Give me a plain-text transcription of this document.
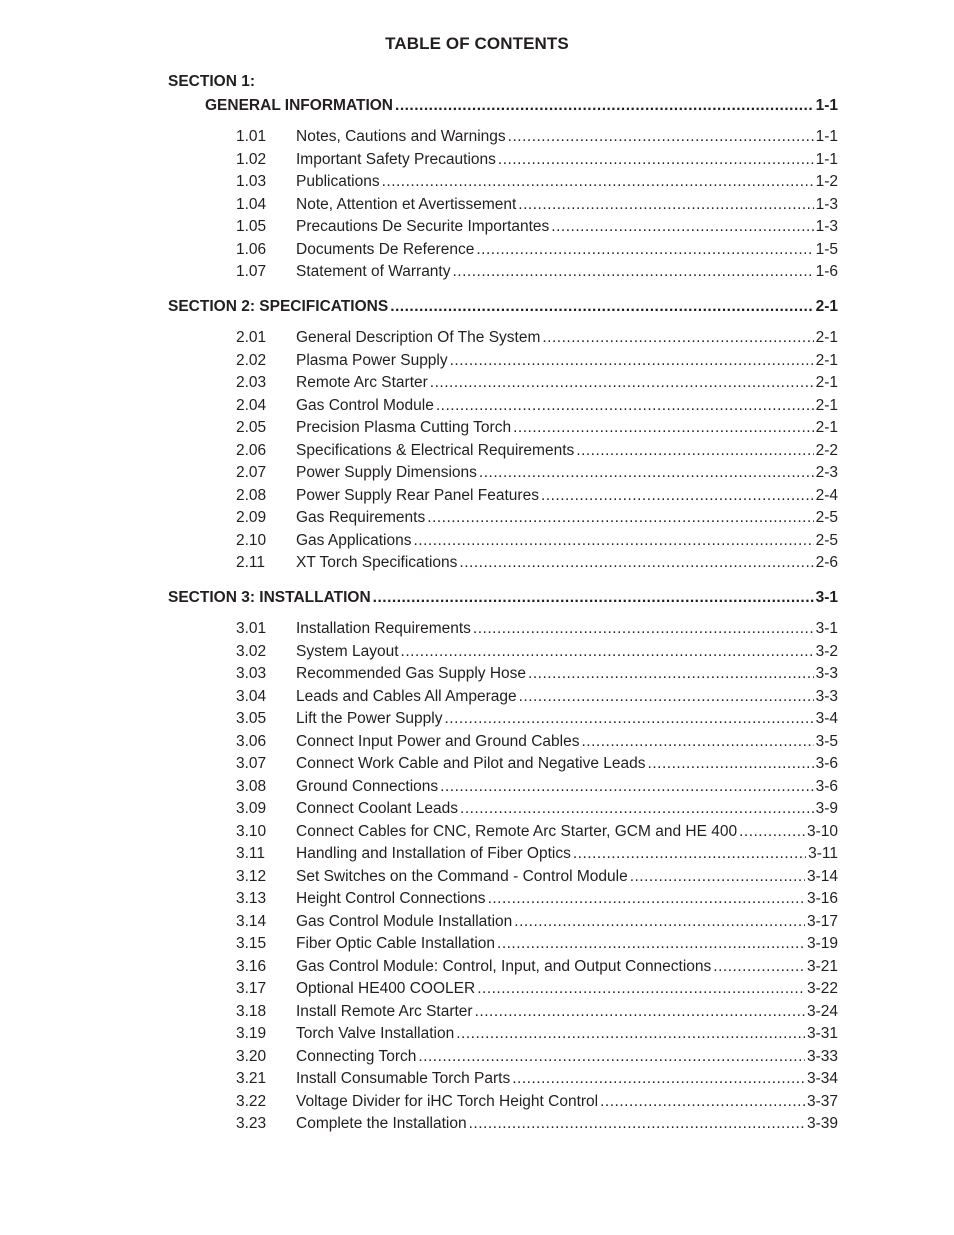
TABLE OF CONTENTS
SECTION 1:
GENERAL INFORMATION .....	1-1
1.01 Notes, Cautions and Warnings .....	1-1
1.02 Important Safety Precautions .....	1-1
1.03 Publications .....	1-2
1.04 Note, Attention et Avertissement .....	1-3
1.05 Precautions De Securite Importantes .....	1-3
1.06 Documents De Reference .....	1-5
1.07 Statement of Warranty .....	1-6
SECTION 2: SPECIFICATIONS .....	2-1
2.01 General Description Of The System .....	2-1
2.02 Plasma Power Supply .....	2-1
2.03 Remote Arc Starter .....	2-1
2.04 Gas Control Module .....	2-1
2.05 Precision Plasma Cutting Torch .....	2-1
2.06 Specifications & Electrical Requirements .....	2-2
2.07 Power Supply Dimensions .....	2-3
2.08 Power Supply Rear Panel Features .....	2-4
2.09 Gas Requirements .....	2-5
2.10 Gas Applications .....	2-5
2.11 XT Torch Specifications .....	2-6
SECTION 3: INSTALLATION .....	3-1
3.01 Installation Requirements .....	3-1
3.02 System Layout .....	3-2
3.03 Recommended Gas Supply Hose .....	3-3
3.04 Leads and Cables All Amperage .....	3-3
3.05 Lift the Power Supply .....	3-4
3.06 Connect Input Power and Ground Cables .....	3-5
3.07 Connect Work Cable and Pilot and Negative Leads .....	3-6
3.08 Ground Connections .....	3-6
3.09 Connect Coolant Leads .....	3-9
3.10 Connect Cables for CNC, Remote Arc Starter, GCM and HE 400 .....	3-10
3.11 Handling and Installation of Fiber Optics .....	3-11
3.12 Set Switches on the Command - Control Module .....	3-14
3.13 Height Control Connections .....	3-16
3.14 Gas Control Module Installation .....	3-17
3.15 Fiber Optic Cable Installation .....	3-19
3.16 Gas Control Module: Control, Input, and Output Connections .....	3-21
3.17 Optional HE400 COOLER .....	3-22
3.18 Install Remote Arc Starter .....	3-24
3.19 Torch Valve Installation .....	3-31
3.20 Connecting Torch .....	3-33
3.21 Install Consumable Torch Parts .....	3-34
3.22 Voltage Divider for iHC Torch Height Control .....	3-37
3.23 Complete the Installation .....	3-39
